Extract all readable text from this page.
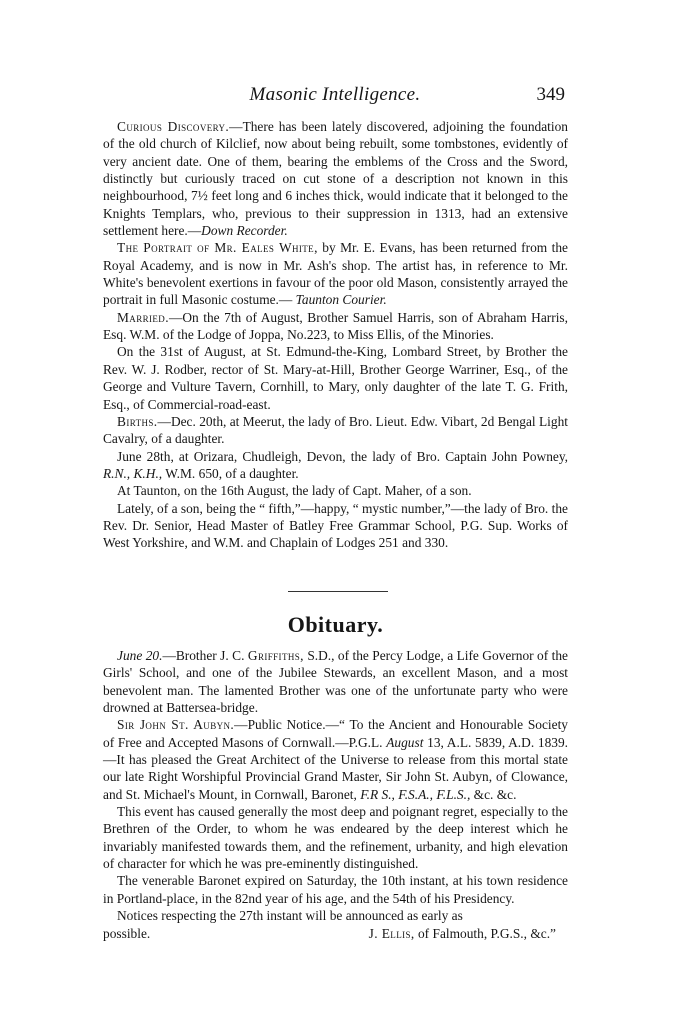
Masonic Intelligence.	349

Curious Discovery.—There has been lately discovered, adjoining the foundation of the old church of Kilclief, now about being rebuilt, some tombstones, evidently of very ancient date. One of them, bearing the emblems of the Cross and the Sword, distinctly but curiously traced on cut stone of a description not known in this neighbourhood, 7½ feet long and 6 inches thick, would indicate that it belonged to the Knights Templars, who, previous to their suppression in 1313, had an extensive settlement here.—Down Recorder.

The Portrait of Mr. Eales White, by Mr. E. Evans, has been returned from the Royal Academy, and is now in Mr. Ash's shop. The artist has, in reference to Mr. White's benevolent exertions in favour of the poor old Mason, consistently arrayed the portrait in full Masonic costume.— Taunton Courier.

Married.—On the 7th of August, Brother Samuel Harris, son of Abraham Harris, Esq. W.M. of the Lodge of Joppa, No.223, to Miss Ellis, of the Minories.

On the 31st of August, at St. Edmund-the-King, Lombard Street, by Brother the Rev. W. J. Rodber, rector of St. Mary-at-Hill, Brother George Warriner, Esq., of the George and Vulture Tavern, Cornhill, to Mary, only daughter of the late T. G. Frith, Esq., of Commercial-road-east.

Births.—Dec. 20th, at Meerut, the lady of Bro. Lieut. Edw. Vibart, 2d Bengal Light Cavalry, of a daughter.

June 28th, at Orizara, Chudleigh, Devon, the lady of Bro. Captain John Powney, R.N., K.H., W.M. 650, of a daughter.

At Taunton, on the 16th August, the lady of Capt. Maher, of a son.

Lately, of a son, being the “ fifth,”—happy, “ mystic number,”—the lady of Bro. the Rev. Dr. Senior, Head Master of Batley Free Grammar School, P.G. Sup. Works of West Yorkshire, and W.M. and Chaplain of Lodges 251 and 330.

Obituary.

June 20.—Brother J. C. Griffiths, S.D., of the Percy Lodge, a Life Governor of the Girls' School, and one of the Jubilee Stewards, an excellent Mason, and a most benevolent man. The lamented Brother was one of the unfortunate party who were drowned at Battersea-bridge.

Sir John St. Aubyn.—Public Notice.—“ To the Ancient and Honourable Society of Free and Accepted Masons of Cornwall.—P.G.L. August 13, A.L. 5839, A.D. 1839.—It has pleased the Great Architect of the Universe to release from this mortal state our late Right Worshipful Provincial Grand Master, Sir John St. Aubyn, of Clowance, and St. Michael's Mount, in Cornwall, Baronet, F.R S., F.S.A., F.L.S., &c. &c.

This event has caused generally the most deep and poignant regret, especially to the Brethren of the Order, to whom he was endeared by the deep interest which he invariably manifested towards them, and the refinement, urbanity, and high elevation of character for which he was pre-eminently distinguished.

The venerable Baronet expired on Saturday, the 10th instant, at his town residence in Portland-place, in the 82nd year of his age, and the 54th of his Presidency.

Notices respecting the 27th instant will be announced as early as

possible.	J. Ellis, of Falmouth, P.G.S., &c.”
